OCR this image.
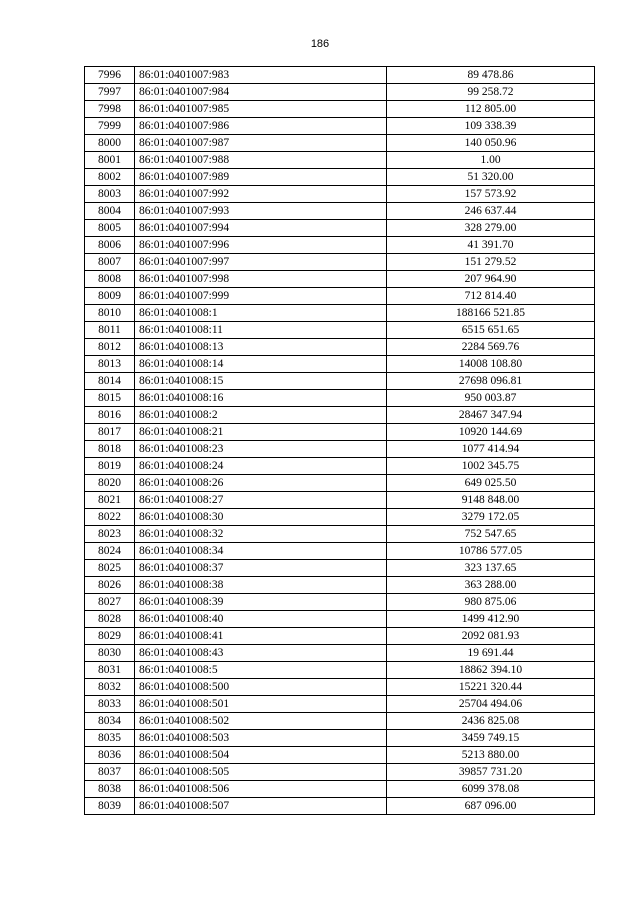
186
7996	86:01:0401007:983	89 478.86
7997	86:01:0401007:984	99 258.72
7998	86:01:0401007:985	112 805.00
7999	86:01:0401007:986	109 338.39
8000	86:01:0401007:987	140 050.96
8001	86:01:0401007:988	1.00
8002	86:01:0401007:989	51 320.00
8003	86:01:0401007:992	157 573.92
8004	86:01:0401007:993	246 637.44
8005	86:01:0401007:994	328 279.00
8006	86:01:0401007:996	41 391.70
8007	86:01:0401007:997	151 279.52
8008	86:01:0401007:998	207 964.90
8009	86:01:0401007:999	712 814.40
8010	86:01:0401008:1	188166 521.85
8011	86:01:0401008:11	6515 651.65
8012	86:01:0401008:13	2284 569.76
8013	86:01:0401008:14	14008 108.80
8014	86:01:0401008:15	27698 096.81
8015	86:01:0401008:16	950 003.87
8016	86:01:0401008:2	28467 347.94
8017	86:01:0401008:21	10920 144.69
8018	86:01:0401008:23	1077 414.94
8019	86:01:0401008:24	1002 345.75
8020	86:01:0401008:26	649 025.50
8021	86:01:0401008:27	9148 848.00
8022	86:01:0401008:30	3279 172.05
8023	86:01:0401008:32	752 547.65
8024	86:01:0401008:34	10786 577.05
8025	86:01:0401008:37	323 137.65
8026	86:01:0401008:38	363 288.00
8027	86:01:0401008:39	980 875.06
8028	86:01:0401008:40	1499 412.90
8029	86:01:0401008:41	2092 081.93
8030	86:01:0401008:43	19 691.44
8031	86:01:0401008:5	18862 394.10
8032	86:01:0401008:500	15221 320.44
8033	86:01:0401008:501	25704 494.06
8034	86:01:0401008:502	2436 825.08
8035	86:01:0401008:503	3459 749.15
8036	86:01:0401008:504	5213 880.00
8037	86:01:0401008:505	39857 731.20
8038	86:01:0401008:506	6099 378.08
8039	86:01:0401008:507	687 096.00
